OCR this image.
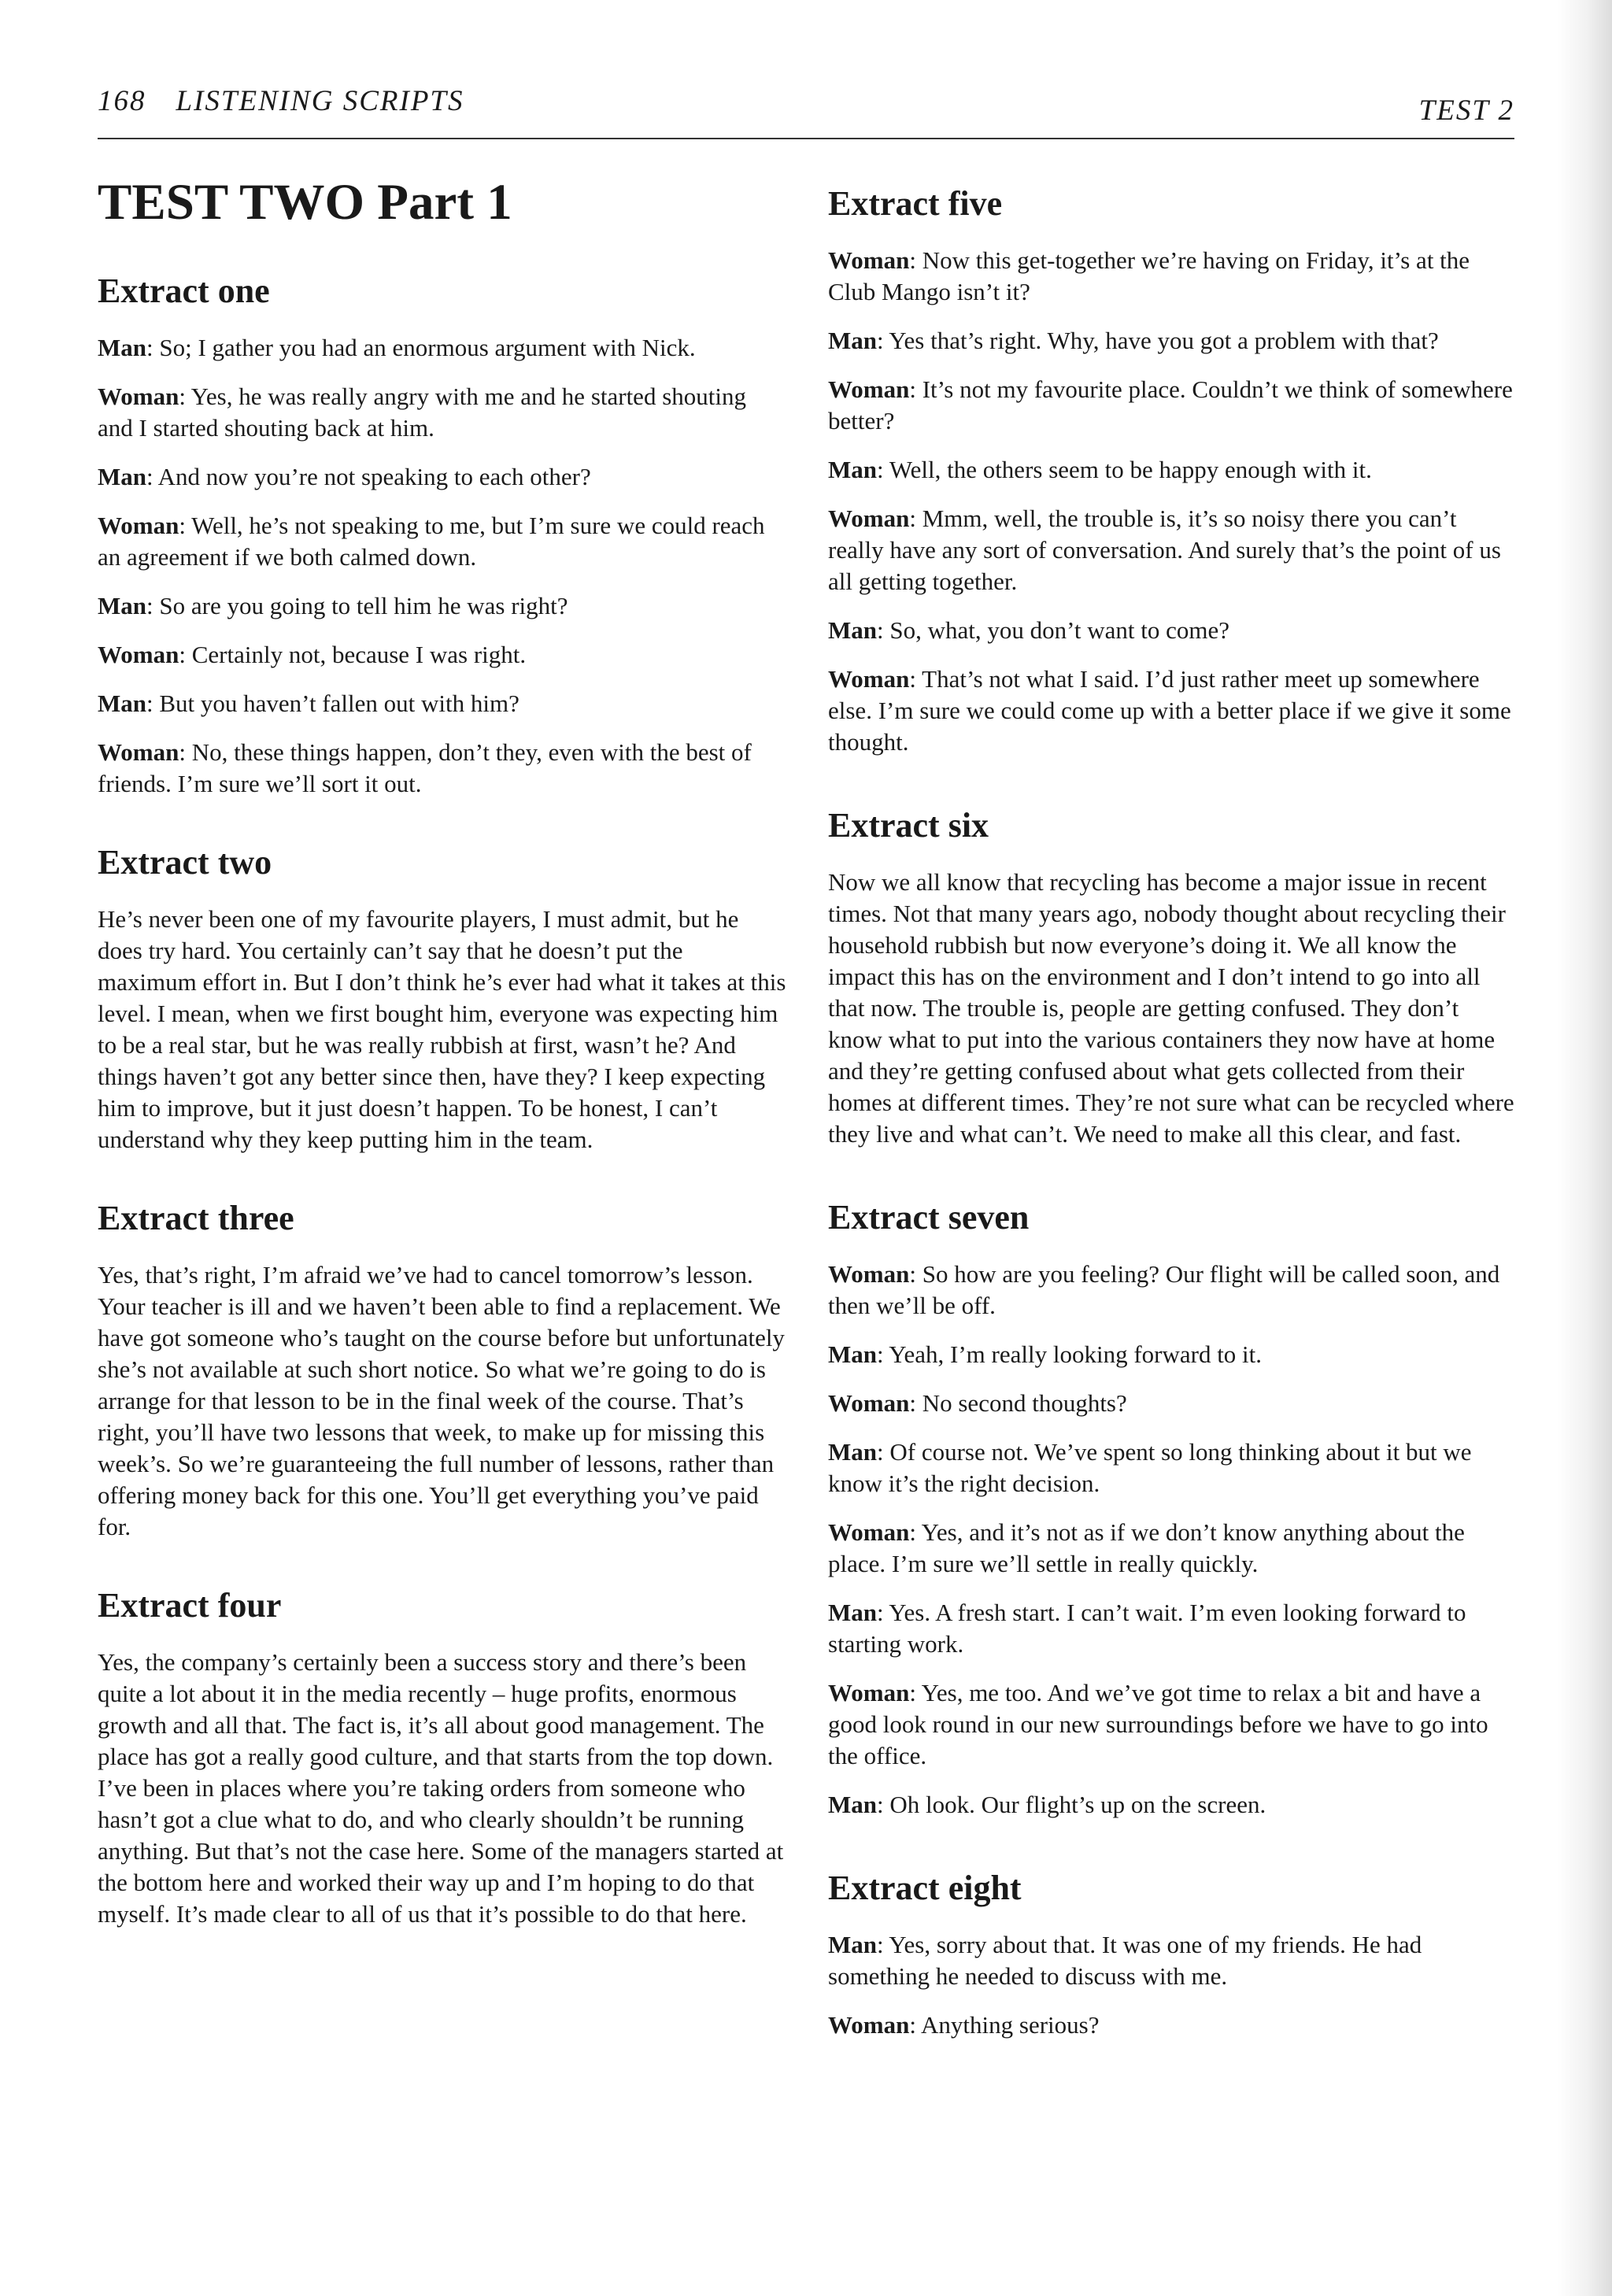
168 LISTENING SCRIPTS	TEST 2
TEST TWO Part 1
Extract one

Man: So; I gather you had an enormous argument with Nick.

Woman: Yes, he was really angry with me and he started shouting and I started shouting back at him.

Man: And now you’re not speaking to each other?

Woman: Well, he’s not speaking to me, but I’m sure we could reach an agreement if we both calmed down.

Man: So are you going to tell him he was right?

Woman: Certainly not, because I was right.

Man: But you haven’t fallen out with him?

Woman: No, these things happen, don’t they, even with the best of friends. I’m sure we’ll sort it out.

Extract two

He’s never been one of my favourite players, I must admit, but he does try hard. You certainly can’t say that he doesn’t put the maximum effort in. But I don’t think he’s ever had what it takes at this level. I mean, when we first bought him, everyone was expecting him to be a real star, but he was really rubbish at first, wasn’t he? And things haven’t got any better since then, have they? I keep expecting him to improve, but it just doesn’t happen. To be honest, I can’t understand why they keep putting him in the team.

Extract three

Yes, that’s right, I’m afraid we’ve had to cancel tomorrow’s lesson. Your teacher is ill and we haven’t been able to find a replacement. We have got someone who’s taught on the course before but unfortunately she’s not available at such short notice. So what we’re going to do is arrange for that lesson to be in the final week of the course. That’s right, you’ll have two lessons that week, to make up for missing this week’s. So we’re guaranteeing the full number of lessons, rather than offering money back for this one. You’ll get everything you’ve paid for.

Extract four

Yes, the company’s certainly been a success story and there’s been quite a lot about it in the media recently – huge profits, enormous growth and all that. The fact is, it’s all about good management. The place has got a really good culture, and that starts from the top down. I’ve been in places where you’re taking orders from someone who hasn’t got a clue what to do, and who clearly shouldn’t be running anything. But that’s not the case here. Some of the managers started at the bottom here and worked their way up and I’m hoping to do that myself. It’s made clear to all of us that it’s possible to do that here.

Extract five

Woman: Now this get-together we’re having on Friday, it’s at the Club Mango isn’t it?

Man: Yes that’s right. Why, have you got a problem with that?

Woman: It’s not my favourite place. Couldn’t we think of somewhere better?

Man: Well, the others seem to be happy enough with it.

Woman: Mmm, well, the trouble is, it’s so noisy there you can’t really have any sort of conversation. And surely that’s the point of us all getting together.

Man: So, what, you don’t want to come?

Woman: That’s not what I said. I’d just rather meet up somewhere else. I’m sure we could come up with a better place if we give it some thought.

Extract six

Now we all know that recycling has become a major issue in recent times. Not that many years ago, nobody thought about recycling their household rubbish but now everyone’s doing it. We all know the impact this has on the environment and I don’t intend to go into all that now. The trouble is, people are getting confused. They don’t know what to put into the various containers they now have at home and they’re getting confused about what gets collected from their homes at different times. They’re not sure what can be recycled where they live and what can’t. We need to make all this clear, and fast.

Extract seven

Woman: So how are you feeling? Our flight will be called soon, and then we’ll be off.

Man: Yeah, I’m really looking forward to it.

Woman: No second thoughts?

Man: Of course not. We’ve spent so long thinking about it but we know it’s the right decision.

Woman: Yes, and it’s not as if we don’t know anything about the place. I’m sure we’ll settle in really quickly.

Man: Yes. A fresh start. I can’t wait. I’m even looking forward to starting work.

Woman: Yes, me too. And we’ve got time to relax a bit and have a good look round in our new surroundings before we have to go into the office.

Man: Oh look. Our flight’s up on the screen.

Extract eight

Man: Yes, sorry about that. It was one of my friends. He had something he needed to discuss with me.

Woman: Anything serious?
